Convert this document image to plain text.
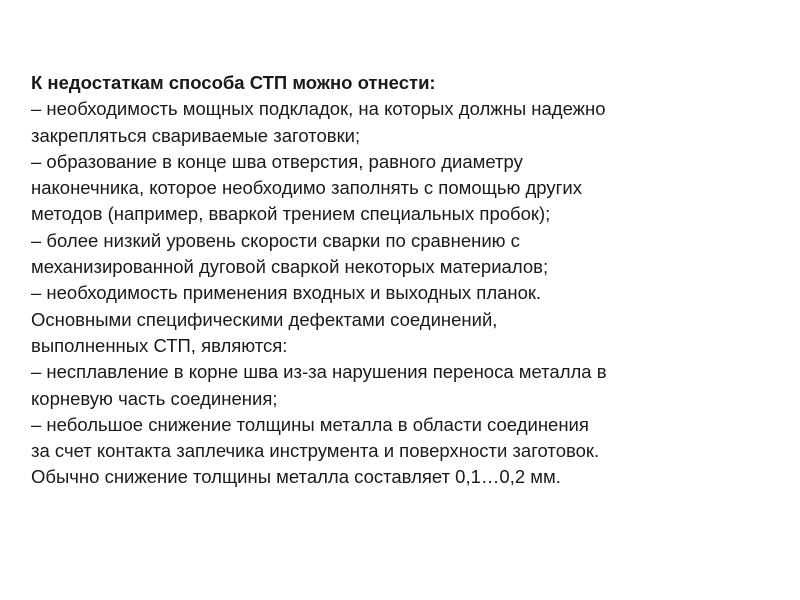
К недостаткам способа СТП можно отнести:
– необходимость мощных подкладок, на которых должны надежно
закрепляться свариваемые заготовки;
– образование в конце шва отверстия, равного диаметру
наконечника, которое необходимо заполнять с помощью других
методов (например, вваркой трением специальных пробок);
– более низкий уровень скорости сварки по сравнению с
механизированной дуговой сваркой некоторых материалов;
– необходимость применения входных и выходных планок.
Основными специфическими дефектами соединений,
выполненных СТП, являются:
– несплавление в корне шва из-за нарушения переноса металла в
корневую часть соединения;
– небольшое снижение толщины металла в области соединения
за счет контакта заплечика инструмента и поверхности заготовок.
Обычно снижение толщины металла составляет 0,1…0,2 мм.
